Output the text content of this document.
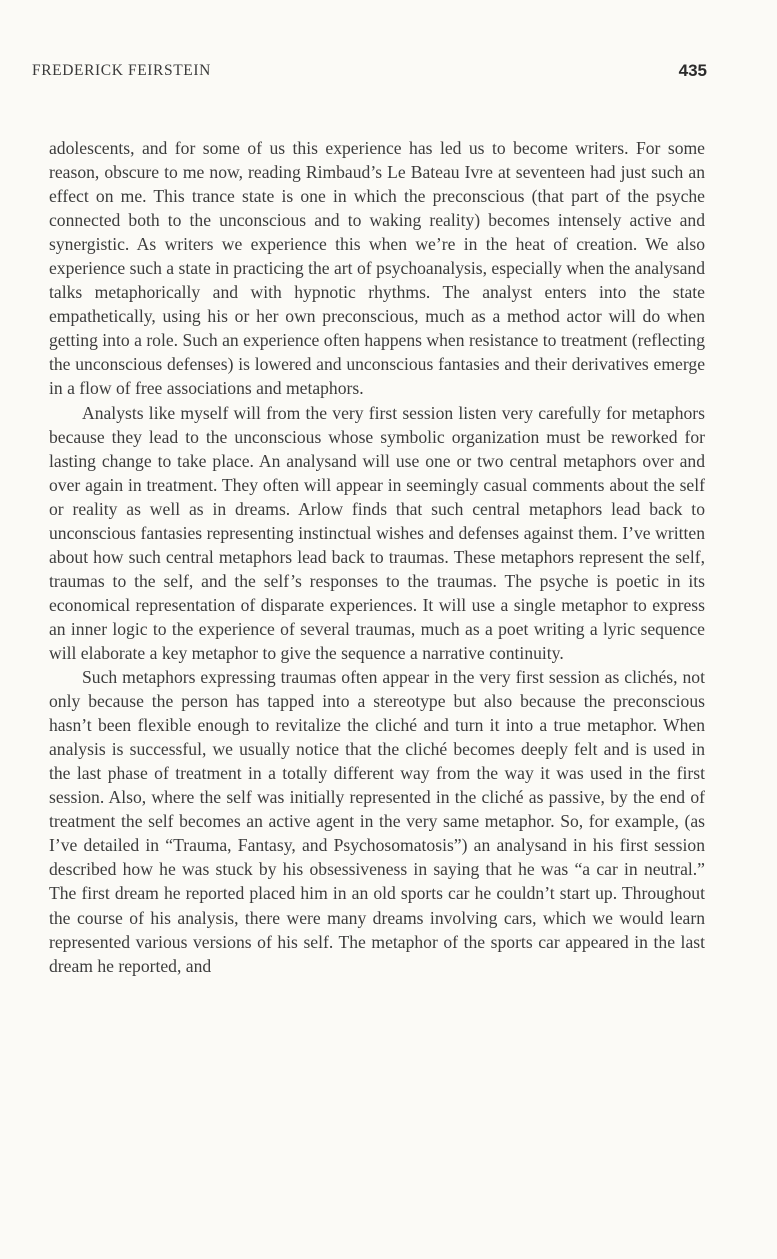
FREDERICK FEIRSTEIN	435

adolescents, and for some of us this experience has led us to become writers. For some reason, obscure to me now, reading Rimbaud’s Le Bateau Ivre at seventeen had just such an effect on me. This trance state is one in which the preconscious (that part of the psyche connected both to the unconscious and to waking reality) becomes intensely active and synergistic. As writers we experience this when we’re in the heat of creation. We also experience such a state in practicing the art of psychoanalysis, especially when the analysand talks metaphorically and with hypnotic rhythms. The analyst enters into the state empathetically, using his or her own preconscious, much as a method actor will do when getting into a role. Such an experience often happens when resistance to treatment (reflecting the unconscious defenses) is lowered and unconscious fantasies and their derivatives emerge in a flow of free associations and metaphors.

Analysts like myself will from the very first session listen very carefully for metaphors because they lead to the unconscious whose symbolic organization must be reworked for lasting change to take place. An analysand will use one or two central metaphors over and over again in treatment. They often will appear in seemingly casual comments about the self or reality as well as in dreams. Arlow finds that such central metaphors lead back to unconscious fantasies representing instinctual wishes and defenses against them. I’ve written about how such central metaphors lead back to traumas. These metaphors represent the self, traumas to the self, and the self’s responses to the traumas. The psyche is poetic in its economical representation of disparate experiences. It will use a single metaphor to express an inner logic to the experience of several traumas, much as a poet writing a lyric sequence will elaborate a key metaphor to give the sequence a narrative continuity.

Such metaphors expressing traumas often appear in the very first session as clichés, not only because the person has tapped into a stereotype but also because the preconscious hasn’t been flexible enough to revitalize the cliché and turn it into a true metaphor. When analysis is successful, we usually notice that the cliché becomes deeply felt and is used in the last phase of treatment in a totally different way from the way it was used in the first session. Also, where the self was initially represented in the cliché as passive, by the end of treatment the self becomes an active agent in the very same metaphor. So, for example, (as I’ve detailed in “Trauma, Fantasy, and Psychosomatosis”) an analysand in his first session described how he was stuck by his obsessiveness in saying that he was “a car in neutral.” The first dream he reported placed him in an old sports car he couldn’t start up. Throughout the course of his analysis, there were many dreams involving cars, which we would learn represented various versions of his self. The metaphor of the sports car appeared in the last dream he reported, and
